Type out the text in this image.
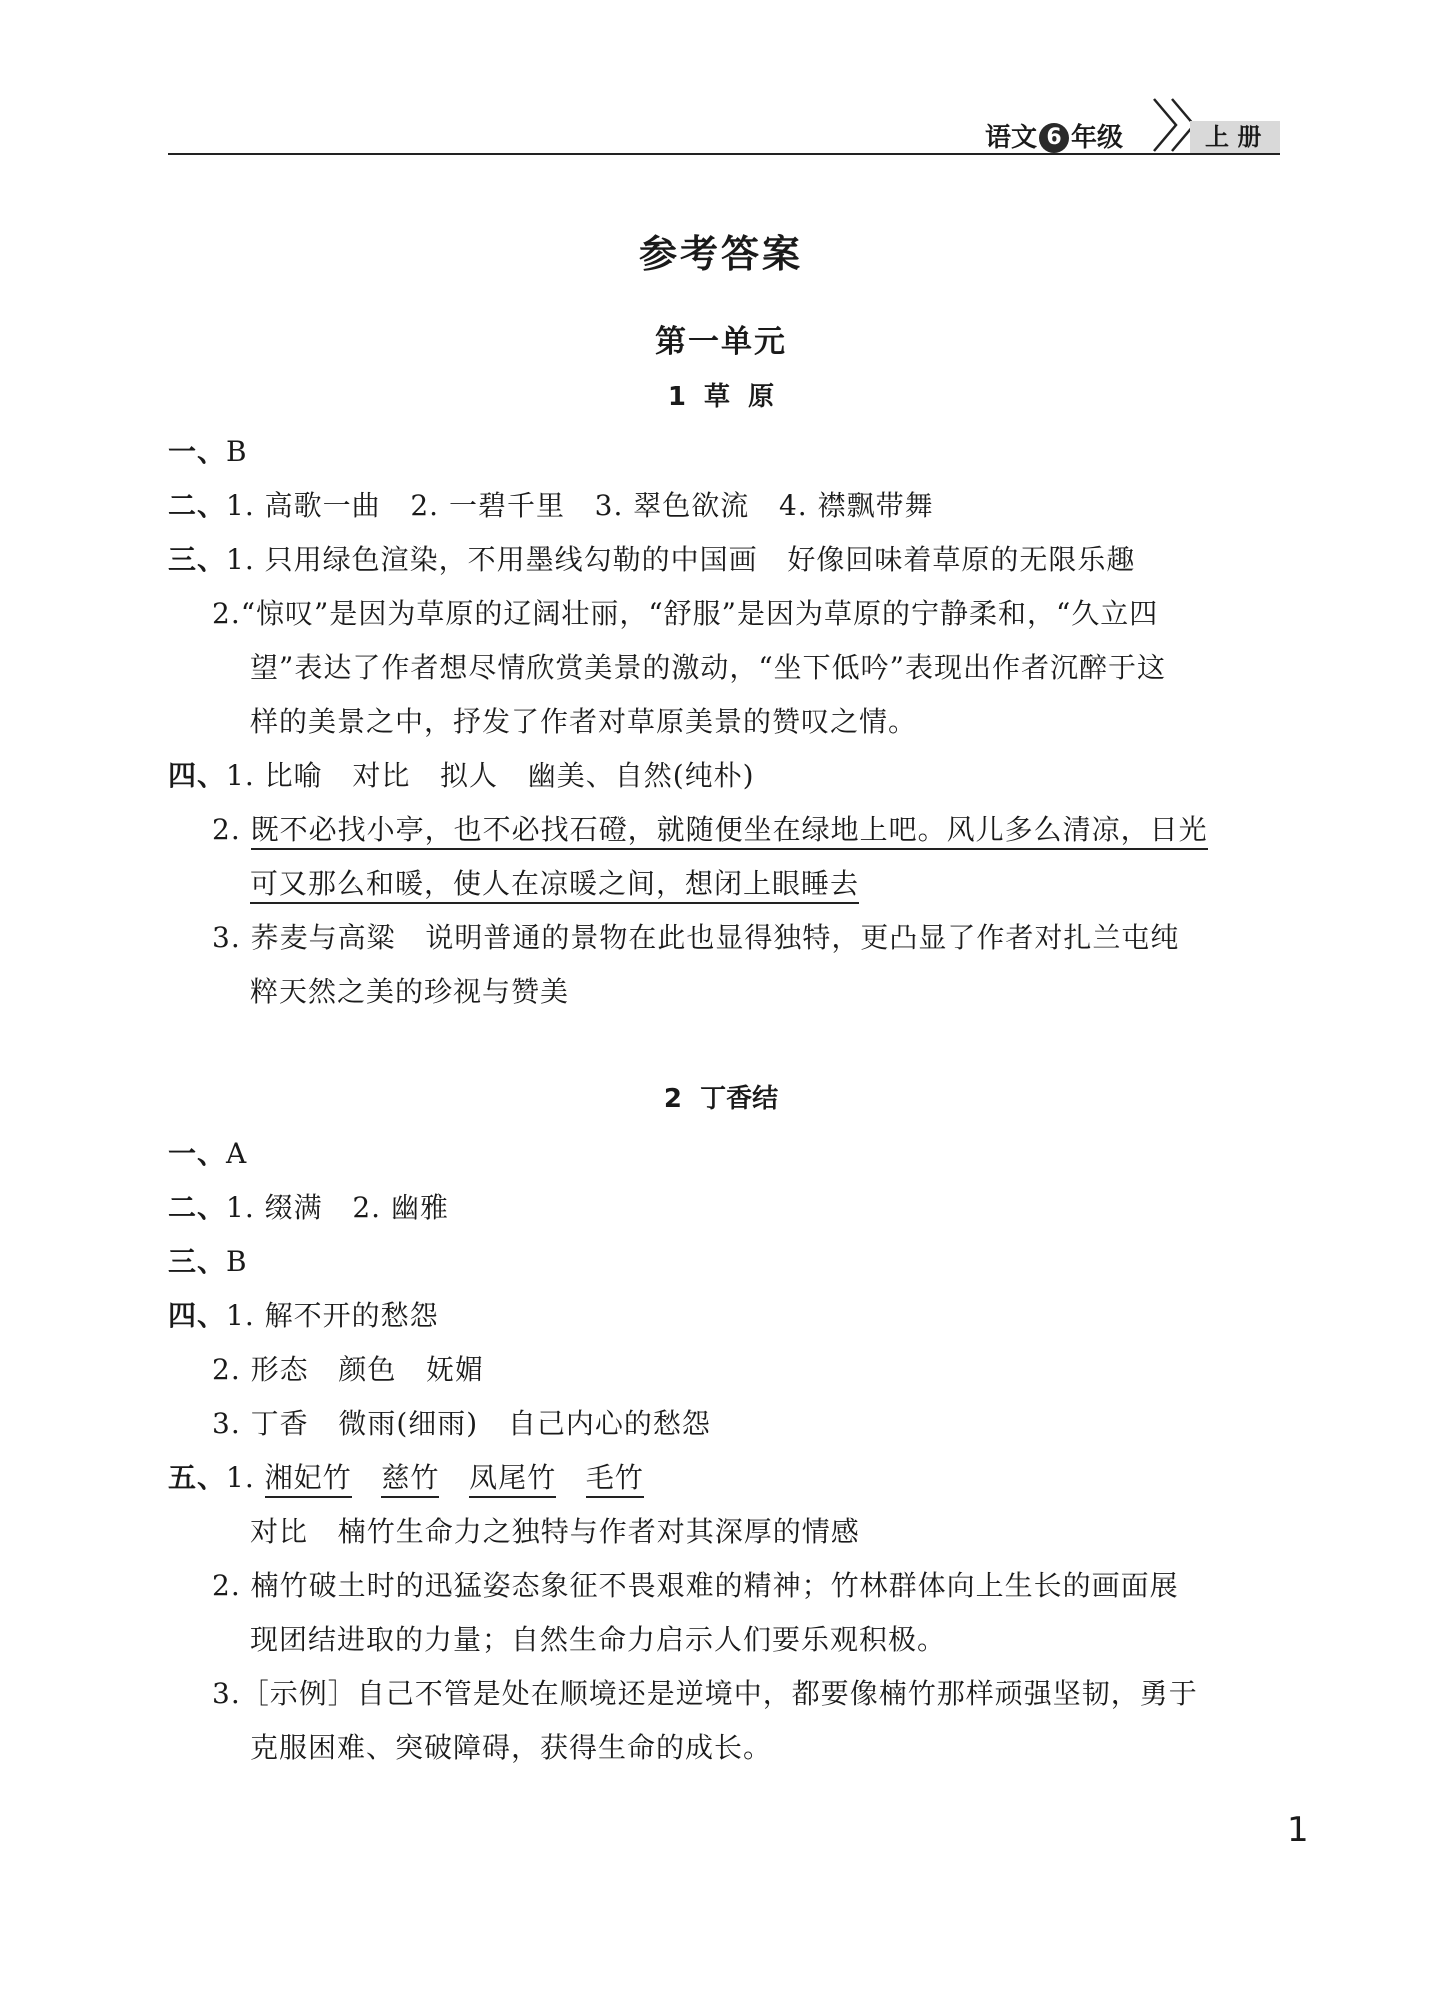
语文 6 年级	上 册
参考答案
第一单元
1  草  原
一、B
二、1. 高歌一曲   2. 一碧千里   3. 翠色欲流   4. 襟飘带舞
三、1. 只用绿色渲染，不用墨线勾勒的中国画   好像回味着草原的无限乐趣
2.“惊叹”是因为草原的辽阔壮丽，“舒服”是因为草原的宁静柔和，“久立四
望”表达了作者想尽情欣赏美景的激动，“坐下低吟”表现出作者沉醉于这
样的美景之中，抒发了作者对草原美景的赞叹之情。
四、1. 比喻   对比   拟人   幽美、自然(纯朴)
2. 既不必找小亭，也不必找石磴，就随便坐在绿地上吧。风儿多么清凉，日光
可又那么和暖，使人在凉暖之间，想闭上眼睡去
3. 荞麦与高粱   说明普通的景物在此也显得独特，更凸显了作者对扎兰屯纯
粹天然之美的珍视与赞美
2  丁香结
一、A
二、1. 缀满   2. 幽雅
三、B
四、1. 解不开的愁怨
2. 形态   颜色   妩媚
3. 丁香   微雨(细雨)   自己内心的愁怨
五、1. 湘妃竹 慈竹 凤尾竹 毛竹
对比   楠竹生命力之独特与作者对其深厚的情感
2. 楠竹破土时的迅猛姿态象征不畏艰难的精神；竹林群体向上生长的画面展
现团结进取的力量；自然生命力启示人们要乐观积极。
3.［示例］自己不管是处在顺境还是逆境中，都要像楠竹那样顽强坚韧，勇于
克服困难、突破障碍，获得生命的成长。
1
